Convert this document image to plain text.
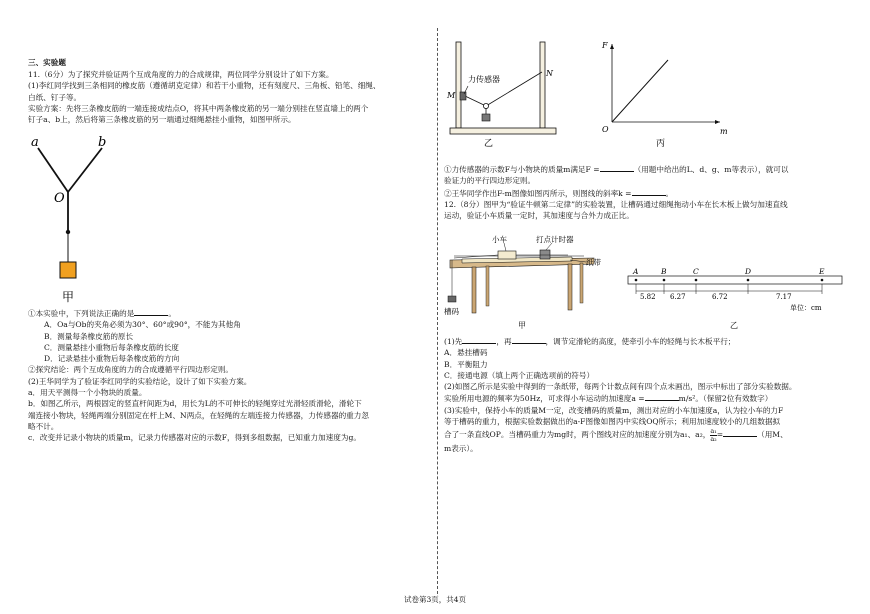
三、实验题

11.（6分）为了探究并验证两个互成角度的力的合成规律，两位同学分别设计了如下方案。

(1)李红同学找到三条相同的橡皮筋（遵循胡克定律）和若干小重物，还有刻度尺、三角板、铅笔、细绳、

白纸、钉子等。

实验方案：先将三条橡皮筋的一端连接成结点O，将其中两条橡皮筋的另一端分别挂在竖直墙上的两个

钉子a、b上，然后将第三条橡皮筋的另一端通过细绳悬挂小重物，如图甲所示。

a	b
O
甲

①本实验中，下列说法正确的是	。

A．Oa与Ob的夹角必须为30°、60°或90°，不能为其他角

B．测量每条橡皮筋的原长

C．测量悬挂小重物后每条橡皮筋的长度

D．记录悬挂小重物后每条橡皮筋的方向

②探究结论：两个互成角度的力的合成遵循平行四边形定则。

(2)王华同学为了验证李红同学的实验结论，设计了如下实验方案。

a．用天平测得一个小物块的质量。

b．如图乙所示，两根固定的竖直杆间距为d，用长为L的不可伸长的轻绳穿过光滑轻质滑轮，滑轮下

端连接小物块，轻绳两端分别固定在杆上M、N两点，在轻绳的左端连接力传感器，力传感器的重力忽

略不计。

c．改变并记录小物块的质量m，记录力传感器对应的示数F，得到多组数据，已知重力加速度为g。

力传感器
N
M
乙
F
O	m
丙

①力传感器的示数F与小物块的质量m满足F =	（用题中给出的L、d、g、m等表示），就可以

验证力的平行四边形定则。

②王华同学作出F-m图像如图丙所示，则图线的斜率k =	。

12.（8分）图甲为“验证牛顿第二定律”的实验装置，让槽码通过细绳拖动小车在长木板上做匀加速直线

运动，验证小车质量一定时，其加速度与合外力成正比。

小车	打点计时器
纸带
槽码
甲
A	B	C	D	E
5.82 6.27	6.72	7.17
单位：cm
乙

(1)先	，再	，调节定滑轮的高度，使牵引小车的轻绳与长木板平行；

A．悬挂槽码

B．平衡阻力

C．接通电源（填上两个正确选项前的符号）

(2)如图乙所示是实验中得到的一条纸带，每两个计数点间有四个点未画出，图示中标出了部分实验数据。

实验所用电源的频率为50Hz，可求得小车运动的加速度a =	m/s²。（保留2位有效数字）

(3)实验中，保持小车的质量M一定，改变槽码的质量m，测出对应的小车加速度a，认为拉小车的力F

等于槽码的重力，根据实验数据做出的a-F图像如图丙中实线OQ所示；利用加速度较小的几组数据拟

合了一条直线OP。当槽码重力为mg时，两个图线对应的加速度分别为a₁、a₂， $\frac{\text{a₁}}{\text{a₂}}$ =	（用M、

m表示）。

试卷第3页，共4页
